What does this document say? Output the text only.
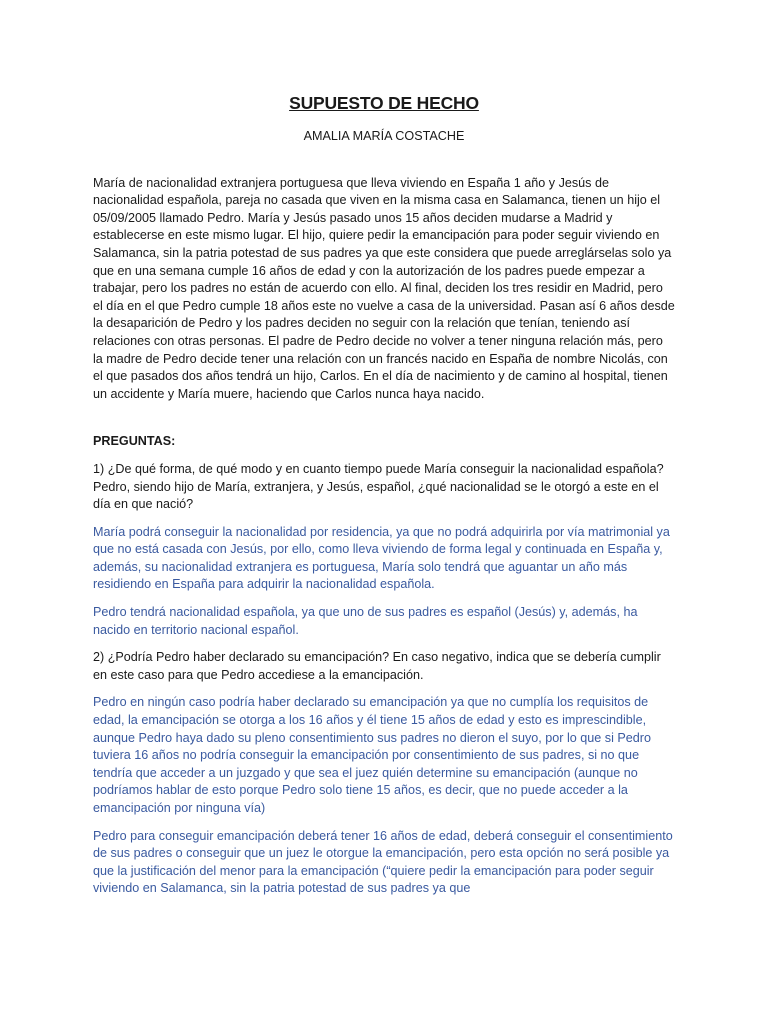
SUPUESTO DE HECHO
AMALIA MARÍA COSTACHE

María de nacionalidad extranjera portuguesa que lleva viviendo en España 1 año y Jesús de nacionalidad española, pareja no casada que viven en la misma casa en Salamanca, tienen un hijo el 05/09/2005 llamado Pedro. María y Jesús pasado unos 15 años deciden mudarse a Madrid y establecerse en este mismo lugar. El hijo, quiere pedir la emancipación para poder seguir viviendo en Salamanca, sin la patria potestad de sus padres ya que este considera que puede arreglárselas solo ya que en una semana cumple 16 años de edad y con la autorización de los padres puede empezar a trabajar, pero los padres no están de acuerdo con ello. Al final, deciden los tres residir en Madrid, pero el día en el que Pedro cumple 18 años este no vuelve a casa de la universidad. Pasan así 6 años desde la desaparición de Pedro y los padres deciden no seguir con la relación que tenían, teniendo así relaciones con otras personas. El padre de Pedro decide no volver a tener ninguna relación más, pero la madre de Pedro decide tener una relación con un francés nacido en España de nombre Nicolás, con el que pasados dos años tendrá un hijo, Carlos. En el día de nacimiento y de camino al hospital, tienen un accidente y María muere, haciendo que Carlos nunca haya nacido.

PREGUNTAS:

1) ¿De qué forma, de qué modo y en cuanto tiempo puede María conseguir la nacionalidad española? Pedro, siendo hijo de María, extranjera, y Jesús, español, ¿qué nacionalidad se le otorgó a este en el día en que nació?

María podrá conseguir la nacionalidad por residencia, ya que no podrá adquirirla por vía matrimonial ya que no está casada con Jesús, por ello, como lleva viviendo de forma legal y continuada en España y, además, su nacionalidad extranjera es portuguesa, María solo tendrá que aguantar un año más residiendo en España para adquirir la nacionalidad española.

Pedro tendrá nacionalidad española, ya que uno de sus padres es español (Jesús) y, además, ha nacido en territorio nacional español.

2) ¿Podría Pedro haber declarado su emancipación? En caso negativo, indica que se debería cumplir en este caso para que Pedro accediese a la emancipación.

Pedro en ningún caso podría haber declarado su emancipación ya que no cumplía los requisitos de edad, la emancipación se otorga a los 16 años y él tiene 15 años de edad y esto es imprescindible, aunque Pedro haya dado su pleno consentimiento sus padres no dieron el suyo, por lo que si Pedro tuviera 16 años no podría conseguir la emancipación por consentimiento de sus padres, si no que tendría que acceder a un juzgado y que sea el juez quién determine su emancipación (aunque no podríamos hablar de esto porque Pedro solo tiene 15 años, es decir, que no puede acceder a la emancipación por ninguna vía)

Pedro para conseguir emancipación deberá tener 16 años de edad, deberá conseguir el consentimiento de sus padres o conseguir que un juez le otorgue la emancipación, pero esta opción no será posible ya que la justificación del menor para la emancipación (“quiere pedir la emancipación para poder seguir viviendo en Salamanca, sin la patria potestad de sus padres ya que
